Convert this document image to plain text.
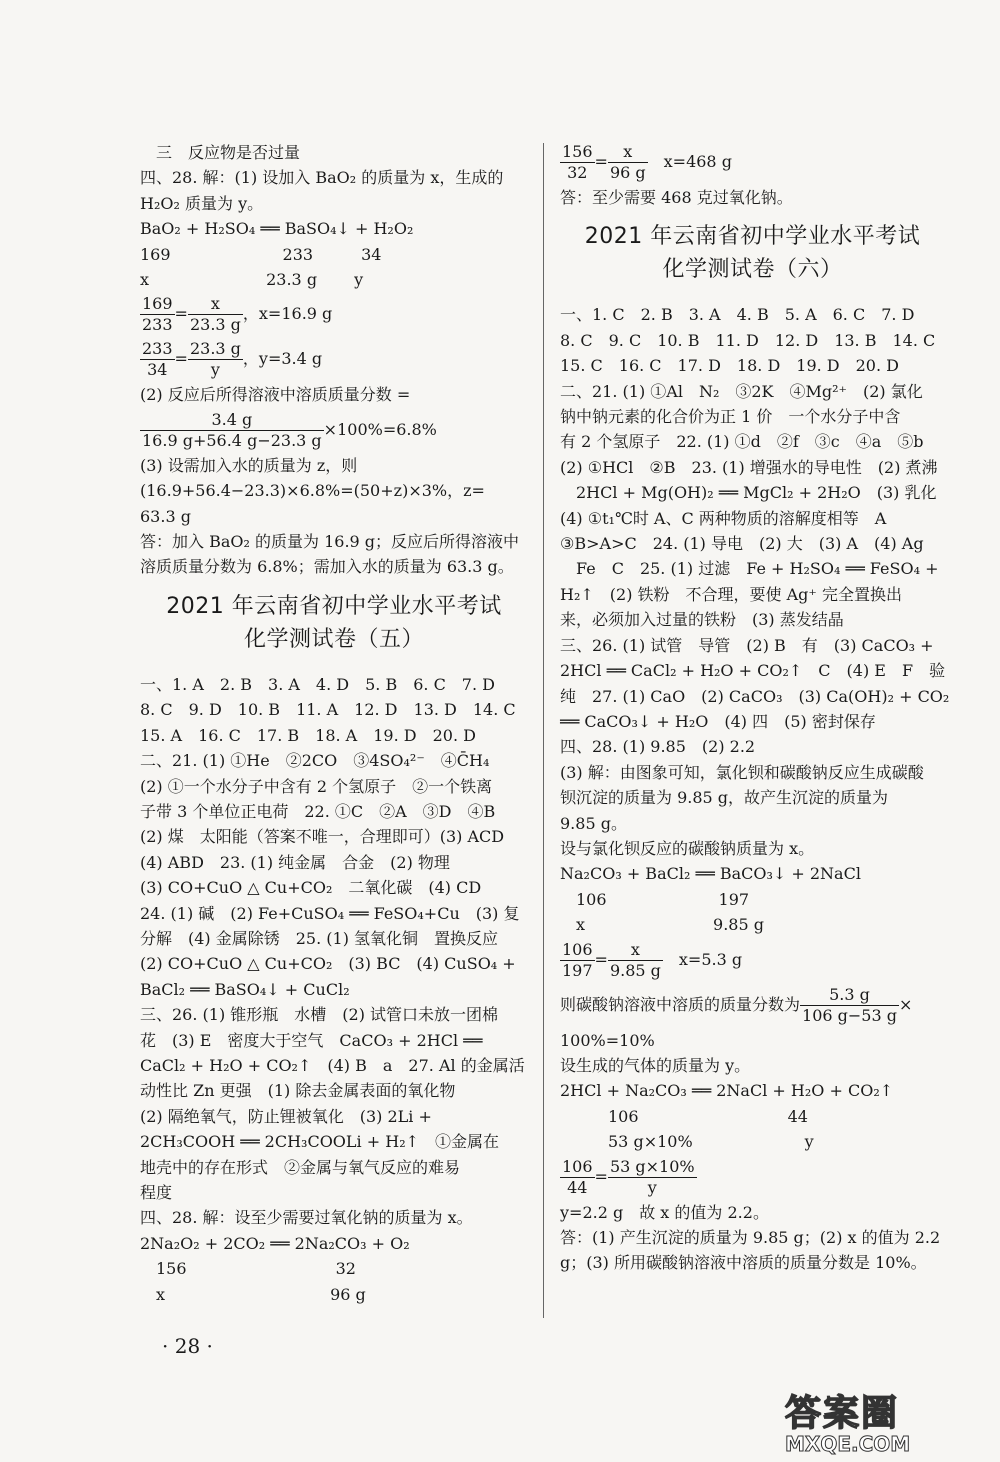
　三　反应物是否过量
四、28. 解：(1) 设加入 BaO₂ 的质量为 x，生成的
H₂O₂ 质量为 y。
BaO₂ + H₂SO₄ ══ BaSO₄↓ + H₂O₂
169　　　　　　　233　　　34
x　　　　　　　 23.3 g　　 y
$\frac{169}{233} = \frac{x}{23.3 g}$ ，x=16.9 g
$\frac{233}{34} = \frac{23.3 g}{y}$ ，y=3.4 g
(2) 反应后所得溶液中溶质质量分数 =
$\frac{3.4 g}{16.9 g+56.4 g-23.3 g} \times 100\%=6.8\%$
(3) 设需加入水的质量为 z，则
(16.9+56.4−23.3)×6.8%=(50+z)×3%，z=
63.3 g
答：加入 BaO₂ 的质量为 16.9 g；反应后所得溶液中
溶质质量分数为 6.8%；需加入水的质量为 63.3 g。
2021 年云南省初中学业水平考试
化学测试卷（五）
一、1. A　2. B　3. A　4. D　5. B　6. C　7. D
8. C　9. D　10. B　11. A　12. D　13. D　14. C
15. A　16. C　17. B　18. A　19. D　20. D
二、21. (1) ①He　②2CO　③4SO₄²⁻　④C̄H₄
(2) ①一个水分子中含有 2 个氢原子　②一个铁离
子带 3 个单位正电荷　22. ①C　②A　③D　④B
(2) 煤　太阳能（答案不唯一，合理即可）(3) ACD
(4) ABD　23. (1) 纯金属　合金　(2) 物理
(3) CO+CuO △ Cu+CO₂　二氧化碳　(4) CD
24. (1) 碱　(2) Fe+CuSO₄ ══ FeSO₄+Cu　(3) 复
分解　(4) 金属除锈　25. (1) 氢氧化铜　置换反应
(2) CO+CuO △ Cu+CO₂　(3) BC　(4) CuSO₄ +
BaCl₂ ══ BaSO₄↓ + CuCl₂
三、26. (1) 锥形瓶　水槽　(2) 试管口未放一团棉
花　(3) E　密度大于空气　CaCO₃ + 2HCl ══
CaCl₂ + H₂O + CO₂↑　(4) B　a　27. Al 的金属活
动性比 Zn 更强　(1) 除去金属表面的氧化物
(2) 隔绝氧气，防止锂被氧化　(3) 2Li +
2CH₃COOH ══ 2CH₃COOLi + H₂↑　①金属在
地壳中的存在形式　②金属与氧气反应的难易
程度
四、28. 解：设至少需要过氧化钠的质量为 x。
2Na₂O₂ + 2CO₂ ══ 2Na₂CO₃ + O₂
　156　　　　　　　　　 32
　x　　　　　　　　　　 96 g
$\frac{156}{32} = \frac{x}{96 g}$ 　x=468 g
答：至少需要 468 克过氧化钠。
2021 年云南省初中学业水平考试
化学测试卷（六）
一、1. C　2. B　3. A　4. B　5. A　6. C　7. D
8. C　9. C　10. B　11. D　12. D　13. B　14. C
15. C　16. C　17. D　18. D　19. D　20. D
二、21. (1) ①Al　N₂　③2K　④Mg²⁺　(2) 氯化
钠中钠元素的化合价为正 1 价　一个水分子中含
有 2 个氢原子　22. (1) ①d　②f　③c　④a　⑤b
(2) ①HCl　②B　23. (1) 增强水的导电性　(2) 煮沸
　2HCl + Mg(OH)₂ ══ MgCl₂ + 2H₂O　(3) 乳化
(4) ①t₁℃时 A、C 两种物质的溶解度相等　A
③B>A>C　24. (1) 导电　(2) 大　(3) A　(4) Ag
　Fe　C　25. (1) 过滤　Fe + H₂SO₄ ══ FeSO₄ +
H₂↑　(2) 铁粉　不合理，要使 Ag⁺ 完全置换出
来，必须加入过量的铁粉　(3) 蒸发结晶
三、26. (1) 试管　导管　(2) B　有　(3) CaCO₃ +
2HCl ══ CaCl₂ + H₂O + CO₂↑　C　(4) E　F　验
纯　27. (1) CaO　(2) CaCO₃　(3) Ca(OH)₂ + CO₂
══ CaCO₃↓ + H₂O　(4) 四　(5) 密封保存
四、28. (1) 9.85　(2) 2.2
(3) 解：由图象可知，氯化钡和碳酸钠反应生成碳酸
钡沉淀的质量为 9.85 g，故产生沉淀的质量为
9.85 g。
设与氯化钡反应的碳酸钠质量为 x。
Na₂CO₃ + BaCl₂ ══ BaCO₃↓ + 2NaCl
　106　　　　　　　197
　x　　　　　　　　9.85 g
$\frac{106}{197} = \frac{x}{9.85 g}$ 　x=5.3 g
则碳酸钠溶液中溶质的质量分数为 $\frac{5.3 g}{106 g-53 g}$ ×
100%=10%
设生成的气体的质量为 y。
2HCl + Na₂CO₃ ══ 2NaCl + H₂O + CO₂↑
　　　106　　　　　　　　　 44
　　　53 g×10%　　　　　　　y
$\frac{106}{44} = \frac{53 g\times 10\%}{y}$
y=2.2 g　故 x 的值为 2.2。
答：(1) 产生沉淀的质量为 9.85 g；(2) x 的值为 2.2
g；(3) 所用碳酸钠溶液中溶质的质量分数是 10%。
· 28 ·
答案圈
MXQE.COM
